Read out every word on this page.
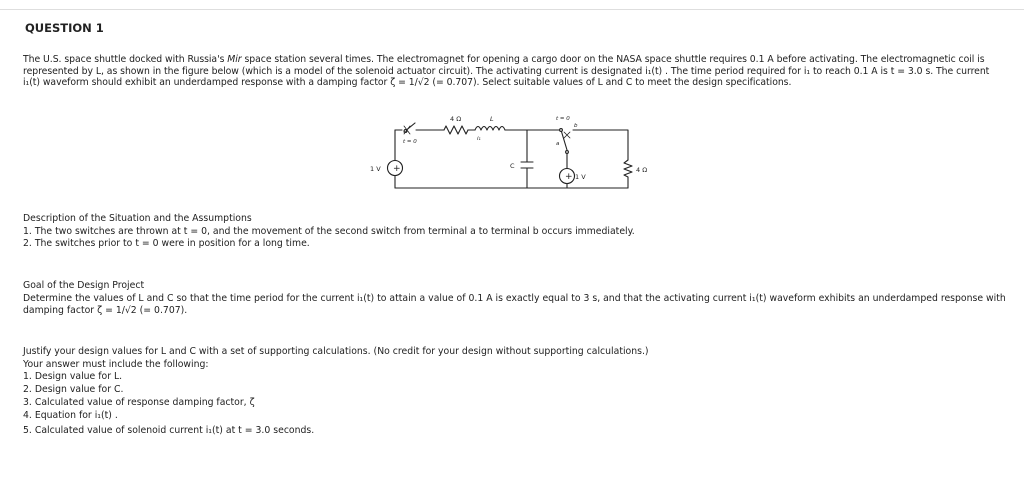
QUESTION 1
The U.S. space shuttle docked with Russia's Mir space station several times. The electromagnet for opening a cargo door on the NASA space shuttle requires 0.1 A before activating. The electromagnetic coil is represented by L, as shown in the figure below (which is a model of the solenoid actuator circuit). The activating current is designated i₁(t) . The time period required for i₁ to reach 0.1 A is t = 3.0 s. The current i₁(t) waveform should exhibit an underdamped response with a damping factor ζ = 1/√2 (= 0.707). Select suitable values of L and C to meet the design specifications.
+
+
4 Ω	L
t = 0	i₁
t = 0
a
b
1 V	C
1 V
4 Ω
Description of the Situation and the Assumptions
1. The two switches are thrown at t = 0, and the movement of the second switch from terminal a to terminal b occurs immediately.
2. The switches prior to t = 0 were in position for a long time.
Goal of the Design Project
Determine the values of L and C so that the time period for the current i₁(t) to attain a value of 0.1 A is exactly equal to 3 s, and that the activating current i₁(t) waveform exhibits an underdamped response with damping factor ζ = 1/√2 (= 0.707).
Justify your design values for L and C with a set of supporting calculations. (No credit for your design without supporting calculations.)
Your answer must include the following:
1. Design value for L.
2. Design value for C.
3. Calculated value of response damping factor, ζ
4. Equation for i₁(t) .
5. Calculated value of solenoid current i₁(t) at t = 3.0 seconds.
